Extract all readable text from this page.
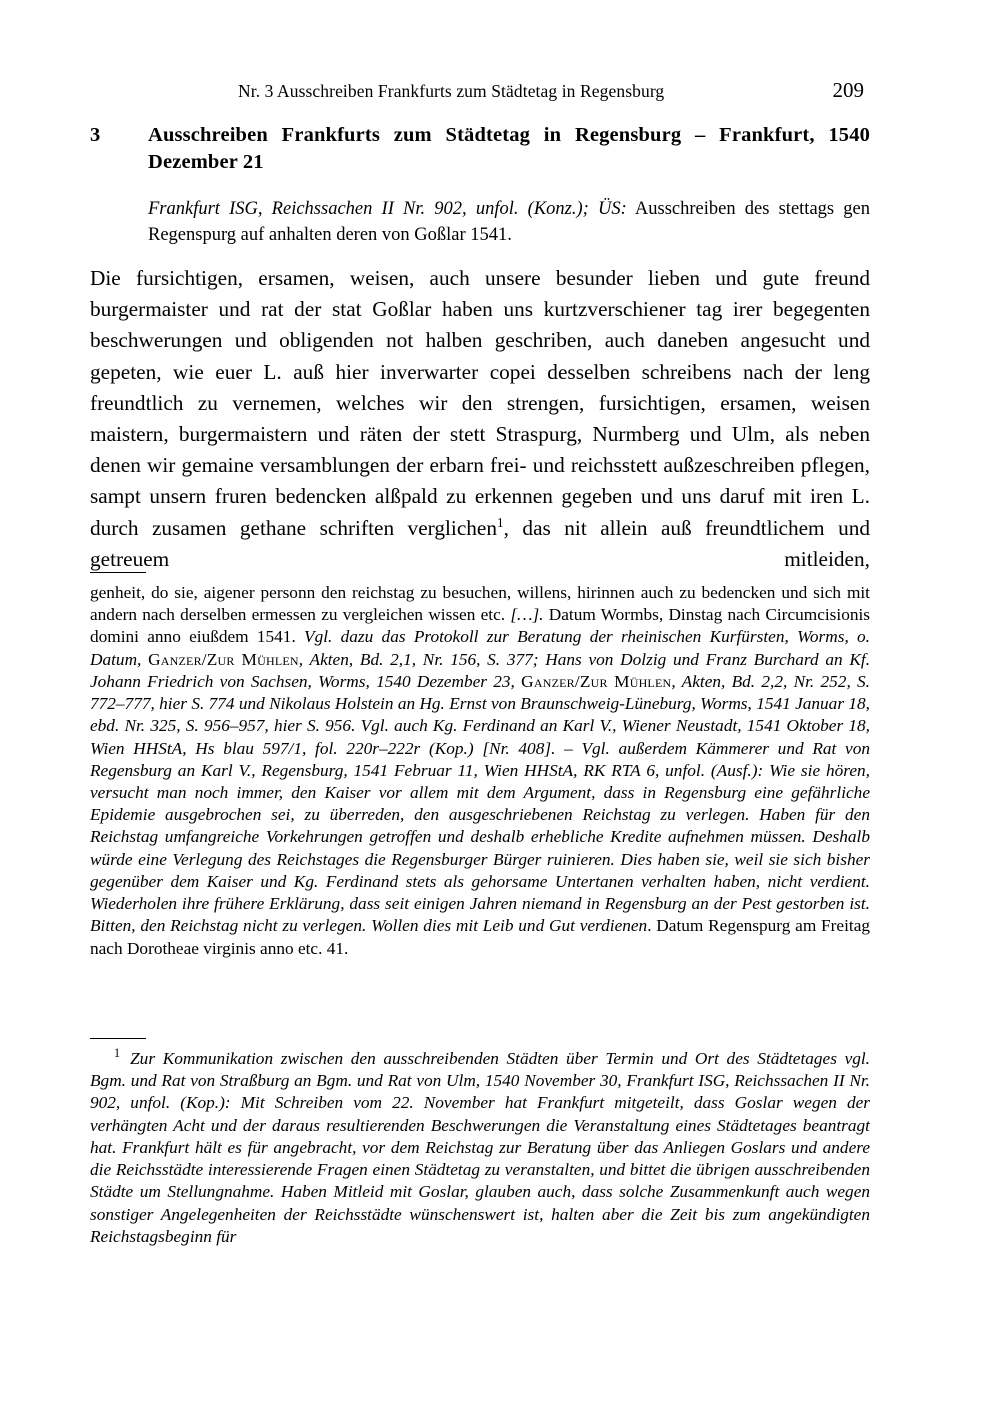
Nr. 3 Ausschreiben Frankfurts zum Städtetag in Regensburg	209
3	Ausschreiben Frankfurts zum Städtetag in Regensburg – Frankfurt, 1540 Dezember 21
Frankfurt ISG, Reichssachen II Nr. 902, unfol. (Konz.); ÜS: Ausschreiben des stettags gen Regenspurg auf anhalten deren von Goßlar 1541.
Die fursichtigen, ersamen, weisen, auch unsere besunder lieben und gute freund burgermaister und rat der stat Goßlar haben uns kurtzverschiener tag irer begegenten beschwerungen und obligenden not halben geschriben, auch daneben angesucht und gepeten, wie euer L. auß hier inverwarter copei desselben schreibens nach der leng freundtlich zu vernemen, welches wir den strengen, fursichtigen, ersamen, weisen maistern, burgermaistern und räten der stett Straspurg, Nurmberg und Ulm, als neben denen wir gemaine versamblungen der erbarn frei- und reichsstett außzeschreiben pflegen, sampt unsern fruren bedencken alßpald zu erkennen gegeben und uns daruf mit iren L. durch zusamen gethane schriften verglichen$^1$, das nit allein auß freundtlichem und getreuem mitleiden,
genheit, do sie, aigener personn den reichstag zu besuchen, willens, hirinnen auch zu bedencken und sich mit andern nach derselben ermessen zu vergleichen wissen etc. […]. Datum Wormbs, Dinstag nach Circumcisionis domini anno eiußdem 1541. Vgl. dazu das Protokoll zur Beratung der rheinischen Kurfürsten, Worms, o. Datum, Ganzer/Zur Mühlen, Akten, Bd. 2,1, Nr. 156, S. 377; Hans von Dolzig und Franz Burchard an Kf. Johann Friedrich von Sachsen, Worms, 1540 Dezember 23, Ganzer/Zur Mühlen, Akten, Bd. 2,2, Nr. 252, S. 772–777, hier S. 774 und Nikolaus Holstein an Hg. Ernst von Braunschweig-Lüneburg, Worms, 1541 Januar 18, ebd. Nr. 325, S. 956–957, hier S. 956. Vgl. auch Kg. Ferdinand an Karl V., Wiener Neustadt, 1541 Oktober 18, Wien HHStA, Hs blau 597/1, fol. 220r–222r (Kop.) [Nr. 408]. – Vgl. außerdem Kämmerer und Rat von Regensburg an Karl V., Regensburg, 1541 Februar 11, Wien HHStA, RK RTA 6, unfol. (Ausf.): Wie sie hören, versucht man noch immer, den Kaiser vor allem mit dem Argument, dass in Regensburg eine gefährliche Epidemie ausgebrochen sei, zu überreden, den ausgeschriebenen Reichstag zu verlegen. Haben für den Reichstag umfangreiche Vorkehrungen getroffen und deshalb erhebliche Kredite aufnehmen müssen. Deshalb würde eine Verlegung des Reichstages die Regensburger Bürger ruinieren. Dies haben sie, weil sie sich bisher gegenüber dem Kaiser und Kg. Ferdinand stets als gehorsame Untertanen verhalten haben, nicht verdient. Wiederholen ihre frühere Erklärung, dass seit einigen Jahren niemand in Regensburg an der Pest gestorben ist. Bitten, den Reichstag nicht zu verlegen. Wollen dies mit Leib und Gut verdienen. Datum Regenspurg am Freitag nach Dorotheae virginis anno etc. 41.
$^1$ Zur Kommunikation zwischen den ausschreibenden Städten über Termin und Ort des Städtetages vgl. Bgm. und Rat von Straßburg an Bgm. und Rat von Ulm, 1540 November 30, Frankfurt ISG, Reichssachen II Nr. 902, unfol. (Kop.): Mit Schreiben vom 22. November hat Frankfurt mitgeteilt, dass Goslar wegen der verhängten Acht und der daraus resultierenden Beschwerungen die Veranstaltung eines Städtetages beantragt hat. Frankfurt hält es für angebracht, vor dem Reichstag zur Beratung über das Anliegen Goslars und andere die Reichsstädte interessierende Fragen einen Städtetag zu veranstalten, und bittet die übrigen ausschreibenden Städte um Stellungnahme. Haben Mitleid mit Goslar, glauben auch, dass solche Zusammenkunft auch wegen sonstiger Angelegenheiten der Reichsstädte wünschenswert ist, halten aber die Zeit bis zum angekündigten Reichstagsbeginn für
